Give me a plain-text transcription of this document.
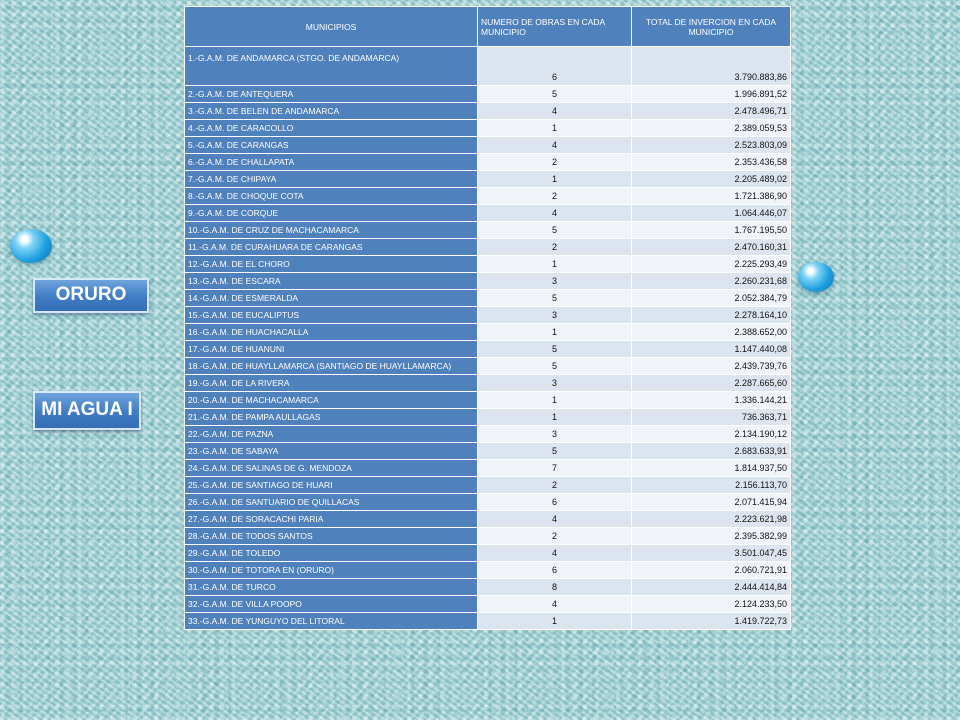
ORURO
MI AGUA I
MUNICIPIOS	NUMERO DE OBRAS EN CADA MUNICIPIO	TOTAL DE INVERCION EN CADA MUNICIPIO
1.-G.A.M. DE ANDAMARCA (STGO. DE ANDAMARCA)	6	3.790.883,86
2.-G.A.M. DE ANTEQUERA	5	1.996.891,52
3.-G.A.M. DE BELEN DE ANDAMARCA	4	2.478.496,71
4.-G.A.M. DE CARACOLLO	1	2.389.059,53
5.-G.A.M. DE CARANGAS	4	2.523.803,09
6.-G.A.M. DE CHALLAPATA	2	2.353.436,58
7.-G.A.M. DE CHIPAYA	1	2.205.489,02
8.-G.A.M. DE CHOQUE COTA	2	1.721.386,90
9.-G.A.M. DE CORQUE	4	1.064.446,07
10.-G.A.M. DE CRUZ DE MACHACAMARCA	5	1.767.195,50
11.-G.A.M. DE CURAHUARA DE CARANGAS	2	2.470.160,31
12.-G.A.M. DE EL CHORO	1	2.225.293,49
13.-G.A.M. DE ESCARA	3	2.260.231,68
14.-G.A.M. DE ESMERALDA	5	2.052.384,79
15.-G.A.M. DE EUCALIPTUS	3	2.278.164,10
16.-G.A.M. DE HUACHACALLA	1	2.388.652,00
17.-G.A.M. DE HUANUNI	5	1.147.440,08
18.-G.A.M. DE HUAYLLAMARCA (SANTIAGO DE HUAYLLAMARCA)	5	2.439.739,76
19.-G.A.M. DE LA RIVERA	3	2.287.665,60
20.-G.A.M. DE MACHACAMARCA	1	1.336.144,21
21.-G.A.M. DE PAMPA AULLAGAS	1	736.363,71
22.-G.A.M. DE PAZNA	3	2.134.190,12
23.-G.A.M. DE SABAYA	5	2.683.633,91
24.-G.A.M. DE SALINAS DE G. MENDOZA	7	1.814.937,50
25.-G.A.M. DE SANTIAGO DE HUARI	2	2.156.113,70
26.-G.A.M. DE SANTUARIO DE QUILLACAS	6	2.071.415,94
27.-G.A.M. DE SORACACHI PARIA	4	2.223.621,98
28.-G.A.M. DE TODOS SANTOS	2	2.395.382,99
29.-G.A.M. DE TOLEDO	4	3.501.047,45
30.-G.A.M. DE TOTORA EN (ORURO)	6	2.060.721,91
31.-G.A.M. DE TURCO	8	2.444.414,84
32.-G.A.M. DE VILLA POOPO	4	2.124.233,50
33.-G.A.M. DE YUNGUYO DEL LITORAL	1	1.419.722,73
